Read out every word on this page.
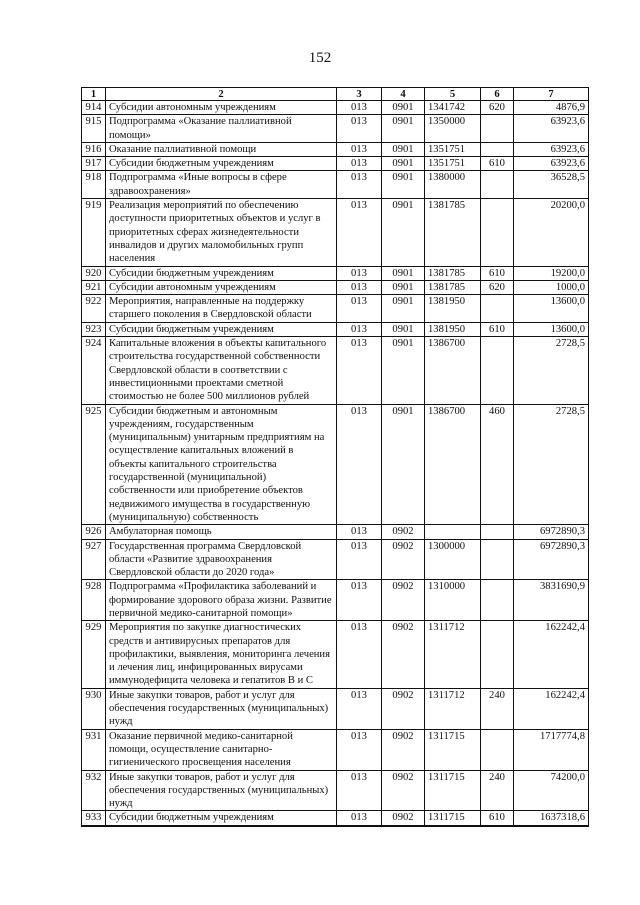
152
1	2	3	4	5	6	7
914	Субсидии автономным учреждениям	013	0901	1341742	620	4876,9
915	Подпрограмма «Оказание паллиативной помощи»	013	0901	1350000		63923,6
916	Оказание паллиативной помощи	013	0901	1351751		63923,6
917	Субсидии бюджетным учреждениям	013	0901	1351751	610	63923,6
918	Подпрограмма «Иные вопросы в сфере здравоохранения»	013	0901	1380000		36528,5
919	Реализация мероприятий по обеспечению доступности приоритетных объектов и услуг в приоритетных сферах жизнедеятельности инвалидов и других маломобильных групп населения	013	0901	1381785		20200,0
920	Субсидии бюджетным учреждениям	013	0901	1381785	610	19200,0
921	Субсидии автономным учреждениям	013	0901	1381785	620	1000,0
922	Мероприятия, направленные на поддержку старшего поколения в Свердловской области	013	0901	1381950		13600,0
923	Субсидии бюджетным учреждениям	013	0901	1381950	610	13600,0
924	Капитальные вложения в объекты капитального строительства государственной собственности Свердловской области в соответствии с инвестиционными проектами сметной стоимостью не более 500 миллионов рублей	013	0901	1386700		2728,5
925	Субсидии бюджетным и автономным учреждениям, государственным (муниципальным) унитарным предприятиям на осуществление капитальных вложений в объекты капитального строительства государственной (муниципальной) собственности или приобретение объектов недвижимого имущества в государственную (муниципальную) собственность	013	0901	1386700	460	2728,5
926	Амбулаторная помощь	013	0902			6972890,3
927	Государственная программа Свердловской области «Развитие здравоохранения Свердловской области до 2020 года»	013	0902	1300000		6972890,3
928	Подпрограмма «Профилактика заболеваний и формирование здорового образа жизни. Развитие первичной медико-санитарной помощи»	013	0902	1310000		3831690,9
929	Мероприятия по закупке диагностических средств и антивирусных препаратов для профилактики, выявления, мониторинга лечения и лечения лиц, инфицированных вирусами иммунодефицита человека и гепатитов В и С	013	0902	1311712		162242,4
930	Иные закупки товаров, работ и услуг для обеспечения государственных (муниципальных) нужд	013	0902	1311712	240	162242,4
931	Оказание первичной медико-санитарной помощи, осуществление санитарно-гигиенического просвещения населения	013	0902	1311715		1717774,8
932	Иные закупки товаров, работ и услуг для обеспечения государственных (муниципальных) нужд	013	0902	1311715	240	74200,0
933	Субсидии бюджетным учреждениям	013	0902	1311715	610	1637318,6
